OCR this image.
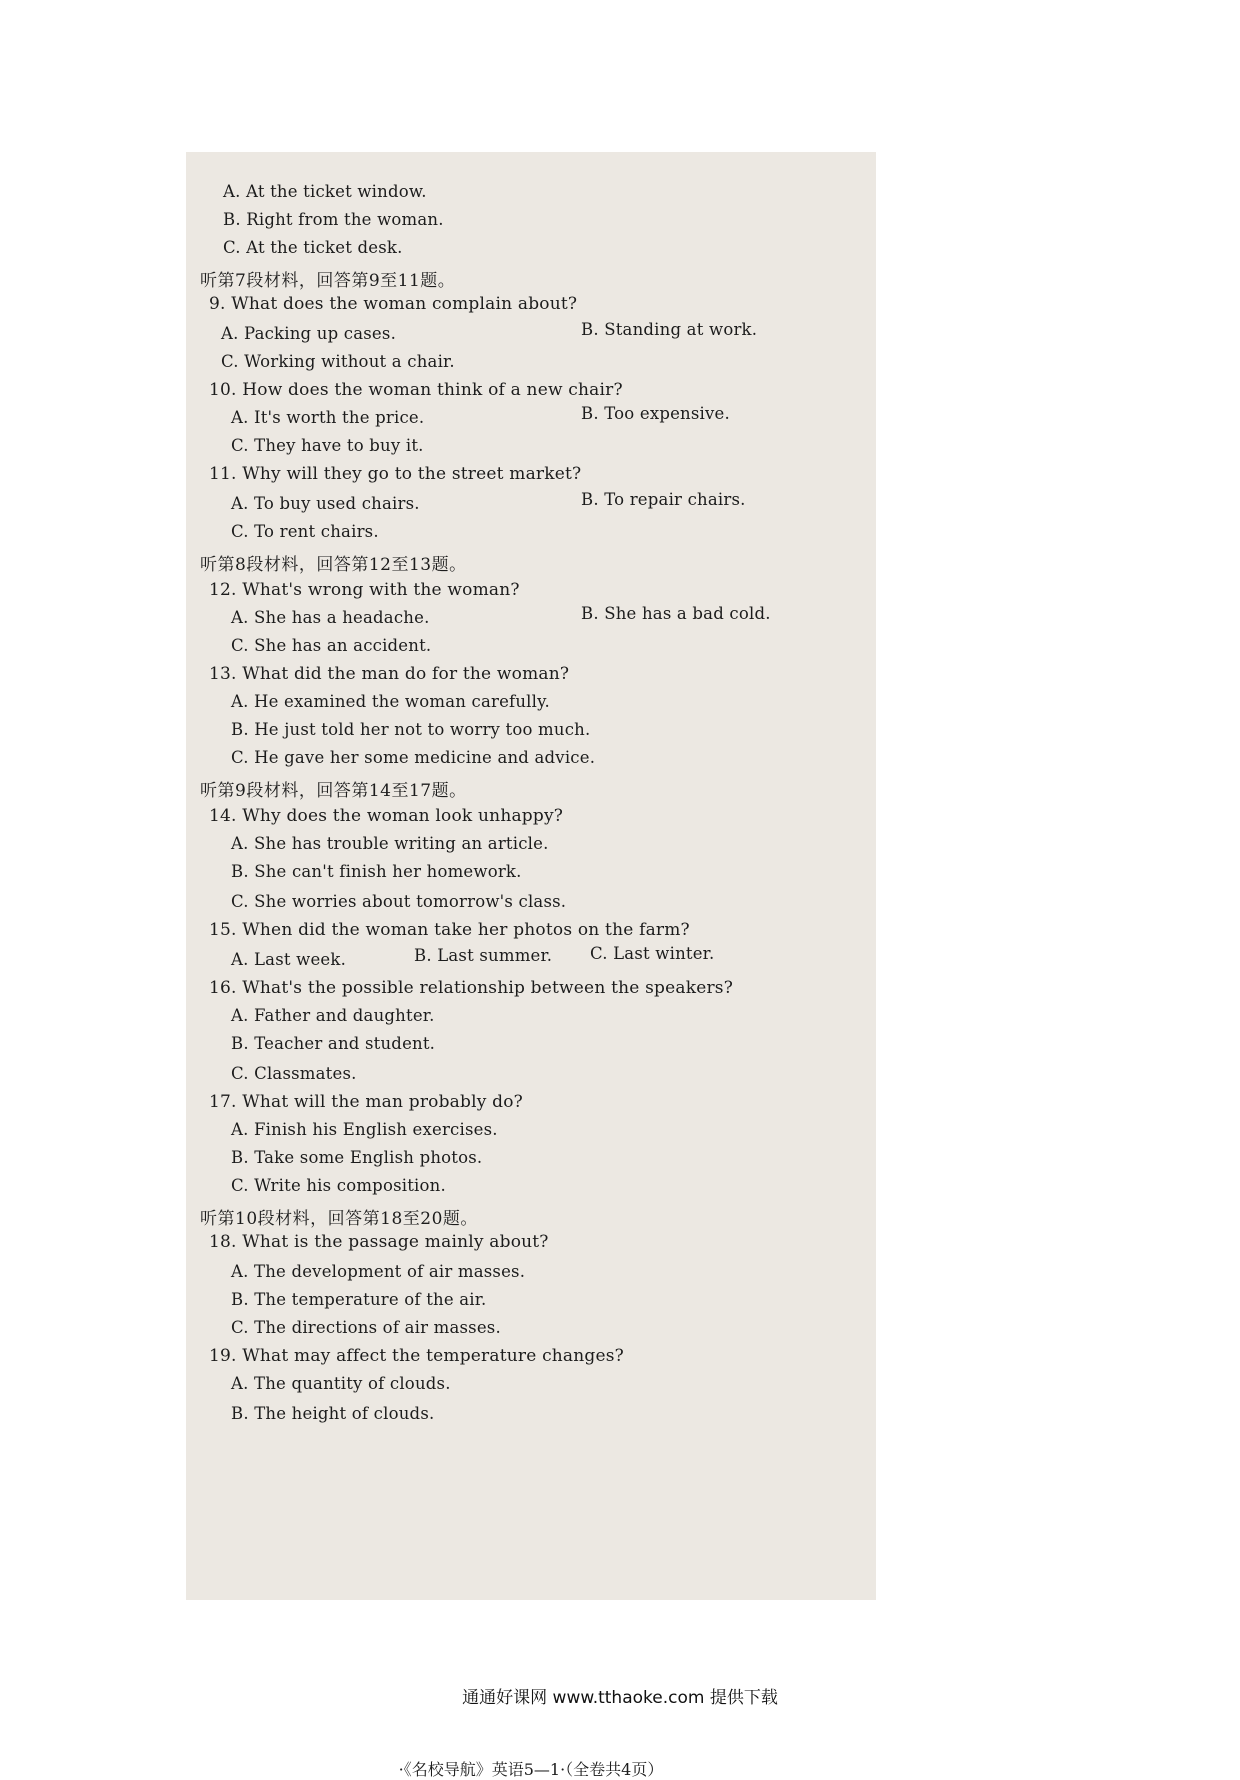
A. At the ticket window.
B. Right from the woman.
C. At the ticket desk.
听第7段材料，回答第9至11题。
9. What does the woman complain about?
A. Packing up cases.	B. Standing at work.
C. Working without a chair.
10. How does the woman think of a new chair?
A. It's worth the price.	B. Too expensive.
C. They have to buy it.
11. Why will they go to the street market?
A. To buy used chairs.	B. To repair chairs.
C. To rent chairs.
听第8段材料，回答第12至13题。
12. What's wrong with the woman?
A. She has a headache.	B. She has a bad cold.
C. She has an accident.
13. What did the man do for the woman?
A. He examined the woman carefully.
B. He just told her not to worry too much.
C. He gave her some medicine and advice.
听第9段材料，回答第14至17题。
14. Why does the woman look unhappy?
A. She has trouble writing an article.
B. She can't finish her homework.
C. She worries about tomorrow's class.
15. When did the woman take her photos on the farm?
A. Last week.	B. Last summer. C. Last winter.
16. What's the possible relationship between the speakers?
A. Father and daughter.
B. Teacher and student.
C. Classmates.
17. What will the man probably do?
A. Finish his English exercises.
B. Take some English photos.
C. Write his composition.
听第10段材料，回答第18至20题。
18. What is the passage mainly about?
A. The development of air masses.
B. The temperature of the air.
C. The directions of air masses.
19. What may affect the temperature changes?
A. The quantity of clouds.
B. The height of clouds.
·《名校导航》英语5—1·（全卷共4页）
通通好课网 www.tthaoke.com 提供下载
